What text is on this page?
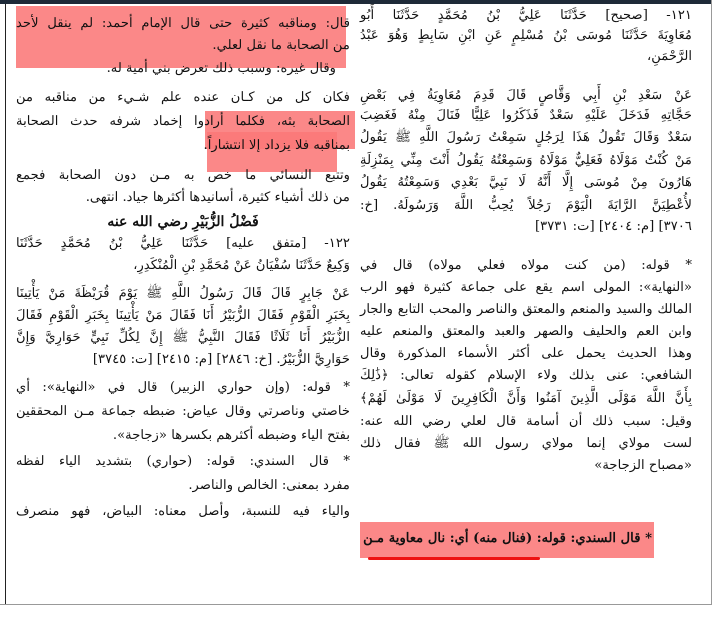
١٢١- [صحيح] حَدَّثَنَا عَلِيُّ بْنُ مُحَمَّدٍ حَدَّثَنَا أَبُو
مُعَاوِيَةَ حَدَّثَنَا مُوسَى بْنُ مُسْلِمٍ عَنِ ابْنِ سَابِطٍ وَهُوَ عَبْدُ
الرَّحْمَنِ،
عَنْ سَعْدِ بْنِ أَبِي وَقَّاصٍ قَالَ قَدِمَ مُعَاوِيَةُ فِي بَعْضِ
حَجَّاتِهِ فَدَخَلَ عَلَيْهِ سَعْدٌ فَذَكَرُوا عَلِيًّا فَنَالَ مِنْهُ فَغَضِبَ
سَعْدٌ وَقَالَ تَقُولُ هَذَا لِرَجُلٍ سَمِعْتُ رَسُولَ اللَّهِ ﷺ يَقُولُ
مَنْ كُنْتُ مَوْلَاهُ فَعَلِيٌّ مَوْلَاهُ وَسَمِعْتُهُ يَقُولُ أَنْتَ مِنِّي بِمَنْزِلَةِ
هَارُونَ مِنْ مُوسَى إِلَّا أَنَّهُ لَا نَبِيَّ بَعْدِي وَسَمِعْتُهُ يَقُولُ
لأُعْطِيَنَّ الرَّايَةَ الْيَوْمَ رَجُلاً يُحِبُّ اللَّهَ وَرَسُولَهُ. [خ:
٣٧٠٦] [م: ٢٤٠٤] [ت: ٣٧٣١]
* قوله: (من كنت مولاه فعلي مولاه) قال في
«النهاية»: المولى اسم يقع على جماعة كثيرة فهو الرب
المالك والسيد والمنعم والمعتق والناصر والمحب التابع والجار
وابن العم والحليف والصهر والعبد والمعتق والمنعم عليه
وهذا الحديث يحمل على أكثر الأسماء المذكورة وقال
الشافعي: عنى بذلك ولاء الإسلام كقوله تعالى: ﴿ذَٰلِكَ
بِأَنَّ اللَّهَ مَوْلَى الَّذِينَ آمَنُوا وَأَنَّ الْكَافِرِينَ لَا مَوْلَىٰ لَهُمْ﴾
وقيل: سبب ذلك أن أسامة قال لعلي رضي الله عنه:
لست مولاي إنما مولاي رسول الله ﷺ فقال ذلك
«مصباح الزجاجة»
* قال السندي: قوله: (فنال منه) أي: نال معاوية مـن
قال: ومناقبه كثيرة حتى قال الإمام أحمد: لم ينقل لأحد
من الصحابة ما نقل لعلي.
وقال غيره: وسبب ذلك تعرض بني أمية له.
فكان كل من كـان عنده علم شـيء من مناقبه من
الصحابة بثه، فكلما أرادوا إخماد شرفه حدث الصحابة
بمناقبه فلا يزداد إلا انتشاراً.
وتتبع النسائي ما خص به مـن دون الصحابة فجمع
من ذلك أشياء كثيرة، أسانيدها أكثرها جياد. انتهى.
فَضْلُ الزُّبَيْرِ رضي الله عنه
١٢٢- [متفق عليه] حَدَّثَنَا عَلِيُّ بْنُ مُحَمَّدٍ حَدَّثَنَا
وَكِيعٌ حَدَّثَنَا سُفْيَانُ عَنْ مُحَمَّدِ بْنِ الْمُنْكَدِرِ،
عَنْ جَابِرٍ قَالَ قَالَ رَسُولُ اللَّهِ ﷺ يَوْمَ قُرَيْظَةَ مَنْ يَأْتِينَا
بِخَبَرِ الْقَوْمِ فَقَالَ الزُّبَيْرُ أَنَا فَقَالَ مَنْ يَأْتِينَا بِخَبَرِ الْقَوْمِ فَقَالَ
الزُّبَيْرُ أَنَا ثَلَاثًا فَقَالَ النَّبِيُّ ﷺ إِنَّ لِكُلِّ نَبِيٍّ حَوَارِيَّ وَإِنَّ
حَوَارِيَّ الزُّبَيْرُ. [خ: ٢٨٤٦] [م: ٢٤١٥] [ت: ٣٧٤٥]
* قوله: (وإن حواري الزبير) قال في «النهاية»: أي
خاصتي وناصرتي وقال عياض: ضبطه جماعة مـن المحققين
بفتح الياء وضبطه أكثرهم بكسرها «زجاجة».
* قال السندي: قوله: (حواري) بتشديد الياء لفظه
مفرد بمعنى: الخالص والناصر.
والياء فيه للنسبة، وأصل معناه: البياض، فهو منصرف
